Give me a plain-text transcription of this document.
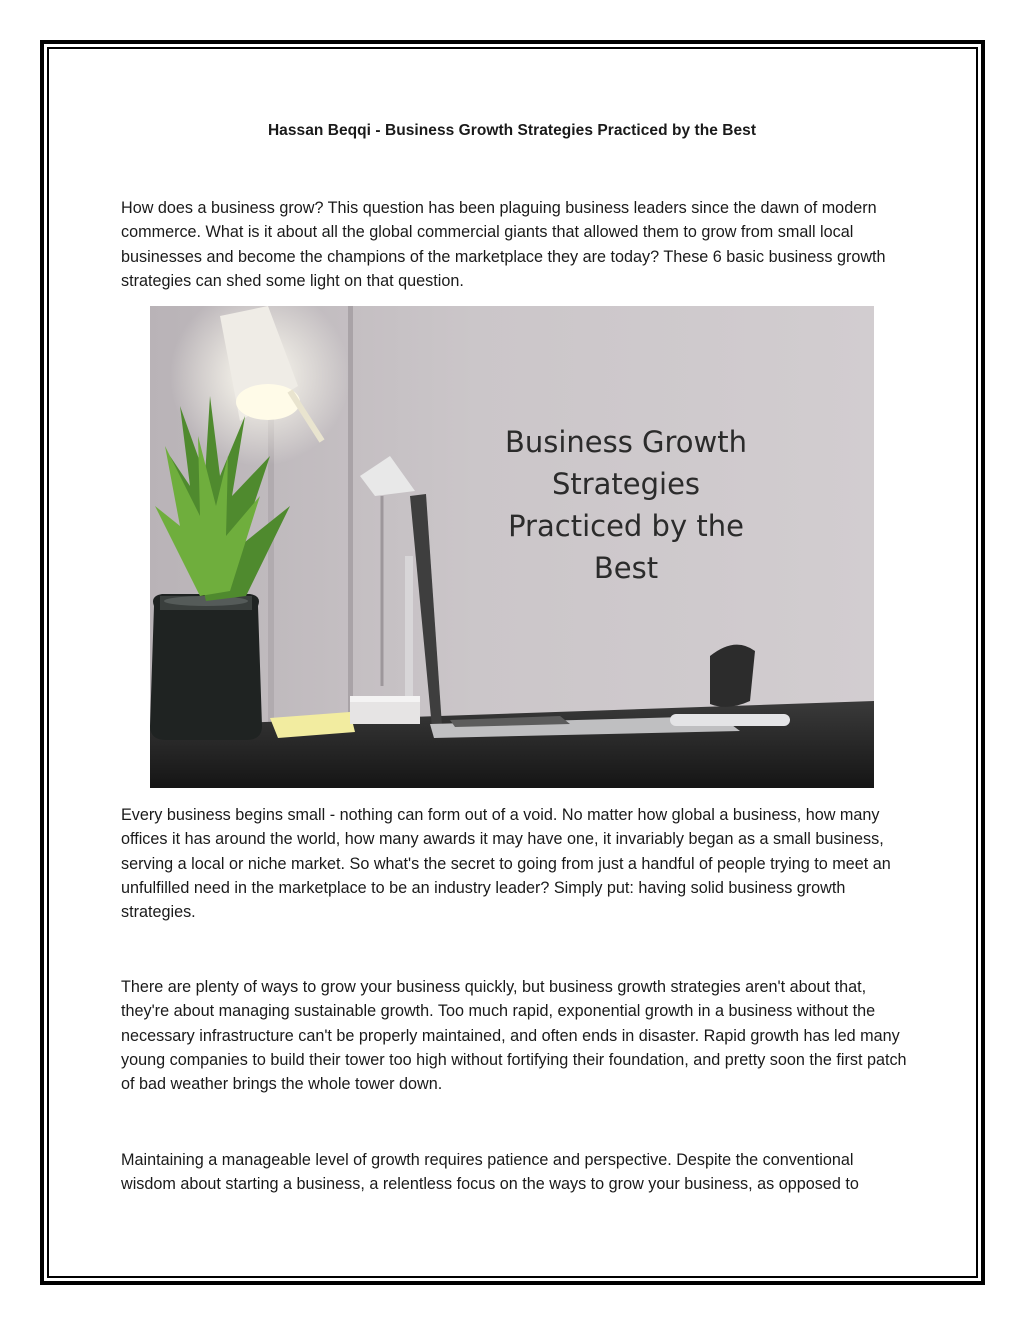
Hassan Beqqi - Business Growth Strategies Practiced by the Best

How does a business grow? This question has been plaguing business leaders since the dawn of modern commerce. What is it about all the global commercial giants that allowed them to grow from small local businesses and become the champions of the marketplace they are today? These 6 basic business growth strategies can shed some light on that question.

Business Growth
Strategies
Practiced by the
Best

Every business begins small - nothing can form out of a void. No matter how global a business, how many offices it has around the world, how many awards it may have one, it invariably began as a small business, serving a local or niche market. So what's the secret to going from just a handful of people trying to meet an unfulfilled need in the marketplace to be an industry leader? Simply put: having solid business growth strategies.

There are plenty of ways to grow your business quickly, but business growth strategies aren't about that, they're about managing sustainable growth. Too much rapid, exponential growth in a business without the necessary infrastructure can't be properly maintained, and often ends in disaster. Rapid growth has led many young companies to build their tower too high without fortifying their foundation, and pretty soon the first patch of bad weather brings the whole tower down.

Maintaining a manageable level of growth requires patience and perspective. Despite the conventional wisdom about starting a business, a relentless focus on the ways to grow your business, as opposed to
